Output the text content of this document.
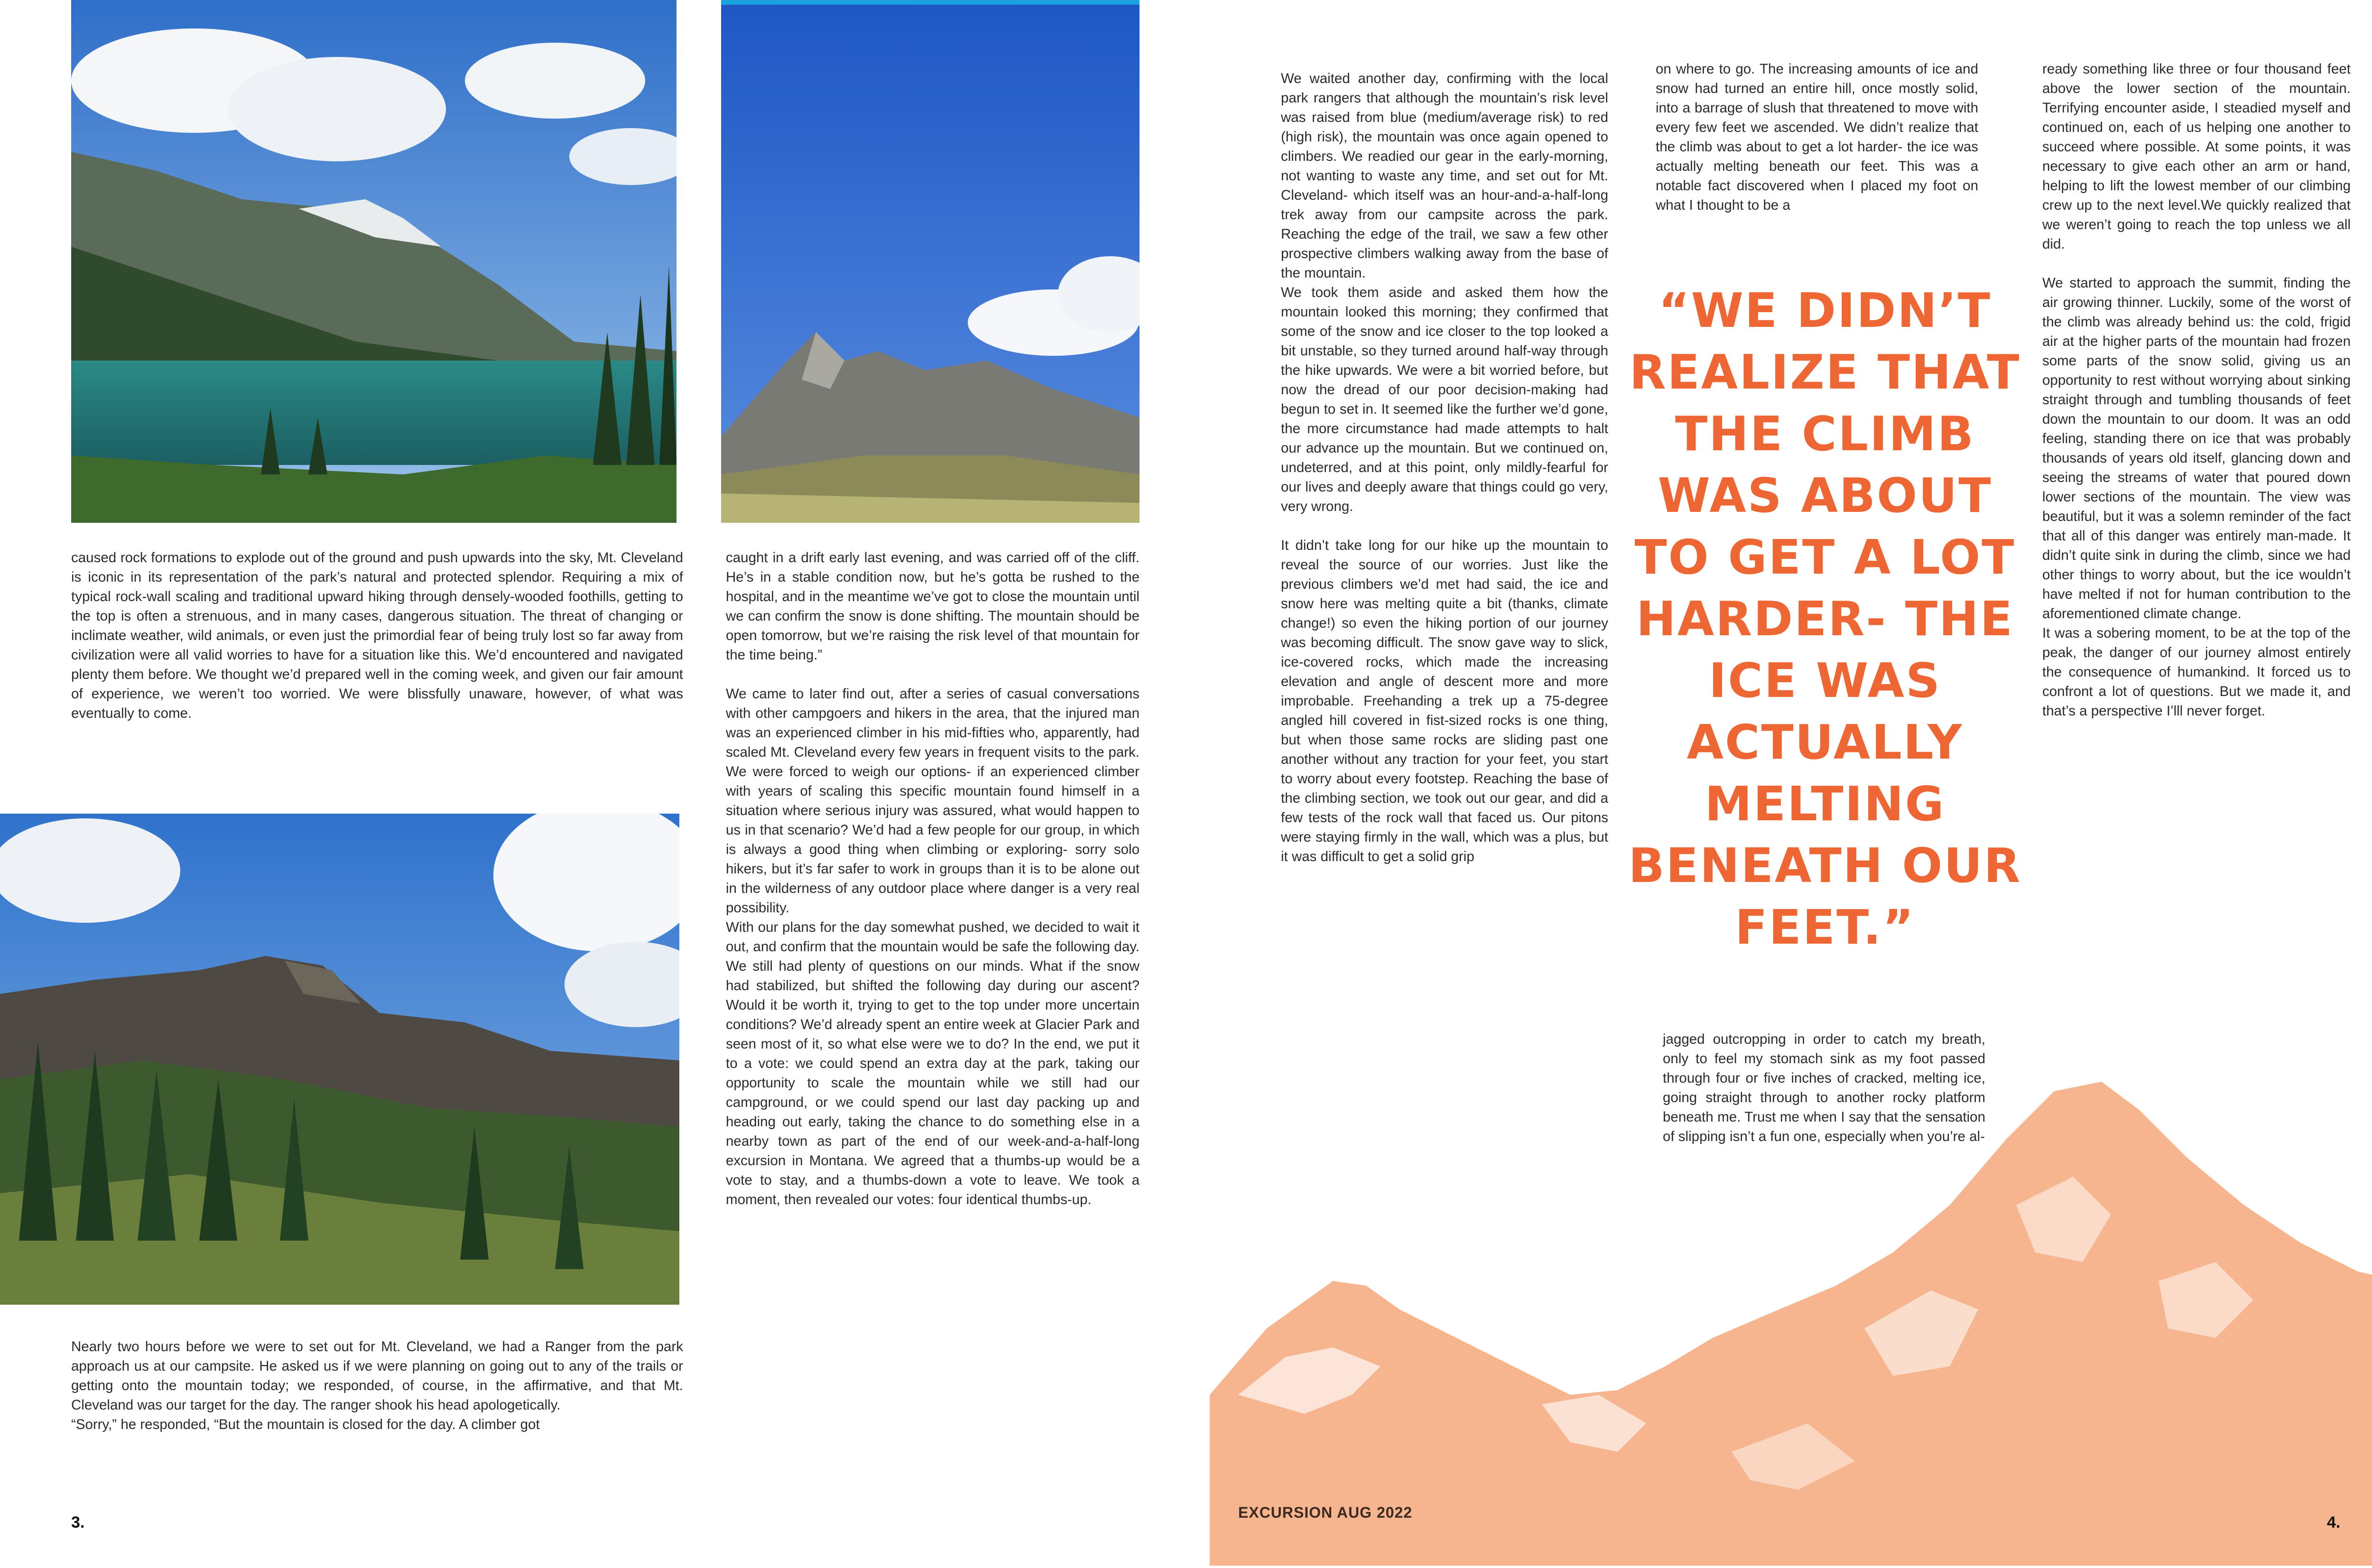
caused rock formations to explode out of the ground and push upwards into the sky, Mt. Cleveland is iconic in its representation of the park’s natural and protected splendor. Requiring a mix of typical rock-wall scaling and traditional upward hiking through densely-wooded foothills, getting to the top is often a strenuous, and in many cases, dangerous situation. The threat of changing or inclimate weather, wild animals, or even just the primordial fear of being truly lost so far away from civilization were all valid worries to have for a situation like this. We’d encountered and navigated plenty them before. We thought we’d prepared well in the coming week, and given our fair amount of experience, we weren’t too worried. We were blissfully unaware, however, of what was eventually to come.

Nearly two hours before we were to set out for Mt. Cleveland, we had a Ranger from the park approach us at our campsite. He asked us if we were planning on going out to any of the trails or getting onto the mountain today; we responded, of course, in the affirmative, and that Mt. Cleveland was our target for the day. The ranger shook his head apologetically.

“Sorry,” he responded, “But the mountain is closed for the day. A climber got

caught in a drift early last evening, and was carried off of the cliff. He’s in a stable condition now, but he’s gotta be rushed to the hospital, and in the meantime we’ve got to close the mountain until we can confirm the snow is done shifting. The mountain should be open tomorrow, but we’re raising the risk level of that mountain for the time being.”

We came to later find out, after a series of casual conversations with other campgoers and hikers in the area, that the injured man was an experienced climber in his mid-fifties who, apparently, had scaled Mt. Cleveland every few years in frequent visits to the park. We were forced to weigh our options- if an experienced climber with years of scaling this specific mountain found himself in a situation where serious injury was assured, what would happen to us in that scenario? We’d had a few people for our group, in which is always a good thing when climbing or exploring- sorry solo hikers, but it’s far safer to work in groups than it is to be alone out in the wilderness of any outdoor place where danger is a very real possibility.

With our plans for the day somewhat pushed, we decided to wait it out, and confirm that the mountain would be safe the following day. We still had plenty of questions on our minds. What if the snow had stabilized, but shifted the following day during our ascent? Would it be worth it, trying to get to the top under more uncertain conditions? We’d already spent an entire week at Glacier Park and seen most of it, so what else were we to do? In the end, we put it to a vote: we could spend an extra day at the park, taking our opportunity to scale the mountain while we still had our campground, or we could spend our last day packing up and heading out early, taking the chance to do something else in a nearby town as part of the end of our week-and-a-half-long excursion in Montana. We agreed that a thumbs-up would be a vote to stay, and a thumbs-down a vote to leave. We took a moment, then revealed our votes: four identical thumbs-up.

3.

We waited another day, confirming with the local park rangers that although the mountain’s risk level was raised from blue (medium/average risk) to red (high risk), the mountain was once again opened to climbers. We readied our gear in the early-morning, not wanting to waste any time, and set out for Mt. Cleveland- which itself was an hour-and-a-half-long trek away from our campsite across the park. Reaching the edge of the trail, we saw a few other prospective climbers walking away from the base of the mountain.

We took them aside and asked them how the mountain looked this morning; they confirmed that some of the snow and ice closer to the top looked a bit unstable, so they turned around half-way through the hike upwards. We were a bit worried before, but now the dread of our poor decision-making had begun to set in. It seemed like the further we’d gone, the more circumstance had made attempts to halt our advance up the mountain. But we continued on, undeterred, and at this point, only mildly-fearful for our lives and deeply aware that things could go very, very wrong.

It didn’t take long for our hike up the mountain to reveal the source of our worries. Just like the previous climbers we’d met had said, the ice and snow here was melting quite a bit (thanks, climate change!) so even the hiking portion of our journey was becoming difficult. The snow gave way to slick, ice-covered rocks, which made the increasing elevation and angle of descent more and more improbable. Freehanding a trek up a 75-degree angled hill covered in fist-sized rocks is one thing, but when those same rocks are sliding past one another without any traction for your feet, you start to worry about every footstep. Reaching the base of the climbing section, we took out our gear, and did a few tests of the rock wall that faced us. Our pitons were staying firmly in the wall, which was a plus, but it was difficult to get a solid grip

on where to go. The increasing amounts of ice and snow had turned an entire hill, once mostly solid, into a barrage of slush that threatened to move with every few feet we ascended. We didn’t realize that the climb was about to get a lot harder- the ice was actually melting beneath our feet. This was a notable fact discovered when I placed my foot on what I thought to be a

“WE DIDN’T REALIZE THAT THE CLIMB WAS ABOUT TO GET A LOT HARDER- THE ICE WAS ACTUALLY MELTING BENEATH OUR FEET.”

jagged outcropping in order to catch my breath, only to feel my stomach sink as my foot passed through four or five inches of cracked, melting ice, going straight through to another rocky platform beneath me. Trust me when I say that the sensation of slipping isn’t a fun one, especially when you’re al-

ready something like three or four thousand feet above the lower section of the mountain. Terrifying encounter aside, I steadied myself and continued on, each of us helping one another to succeed where possible. At some points, it was necessary to give each other an arm or hand, helping to lift the lowest member of our climbing crew up to the next level.We quickly realized that we weren’t going to reach the top unless we all did.

We started to approach the summit, finding the air growing thinner. Luckily, some of the worst of the climb was already behind us: the cold, frigid air at the higher parts of the mountain had frozen some parts of the snow solid, giving us an opportunity to rest without worrying about sinking straight through and tumbling thousands of feet down the mountain to our doom. It was an odd feeling, standing there on ice that was probably thousands of years old itself, glancing down and seeing the streams of water that poured down lower sections of the mountain. The view was beautiful, but it was a solemn reminder of the fact that all of this danger was entirely man-made. It didn’t quite sink in during the climb, since we had other things to worry about, but the ice wouldn’t have melted if not for human contribution to the aforementioned climate change.

It was a sobering moment, to be at the top of the peak, the danger of our journey almost entirely the consequence of humankind. It forced us to confront a lot of questions. But we made it, and that’s a perspective I’lll never forget.

EXCURSION AUG 2022
4.
